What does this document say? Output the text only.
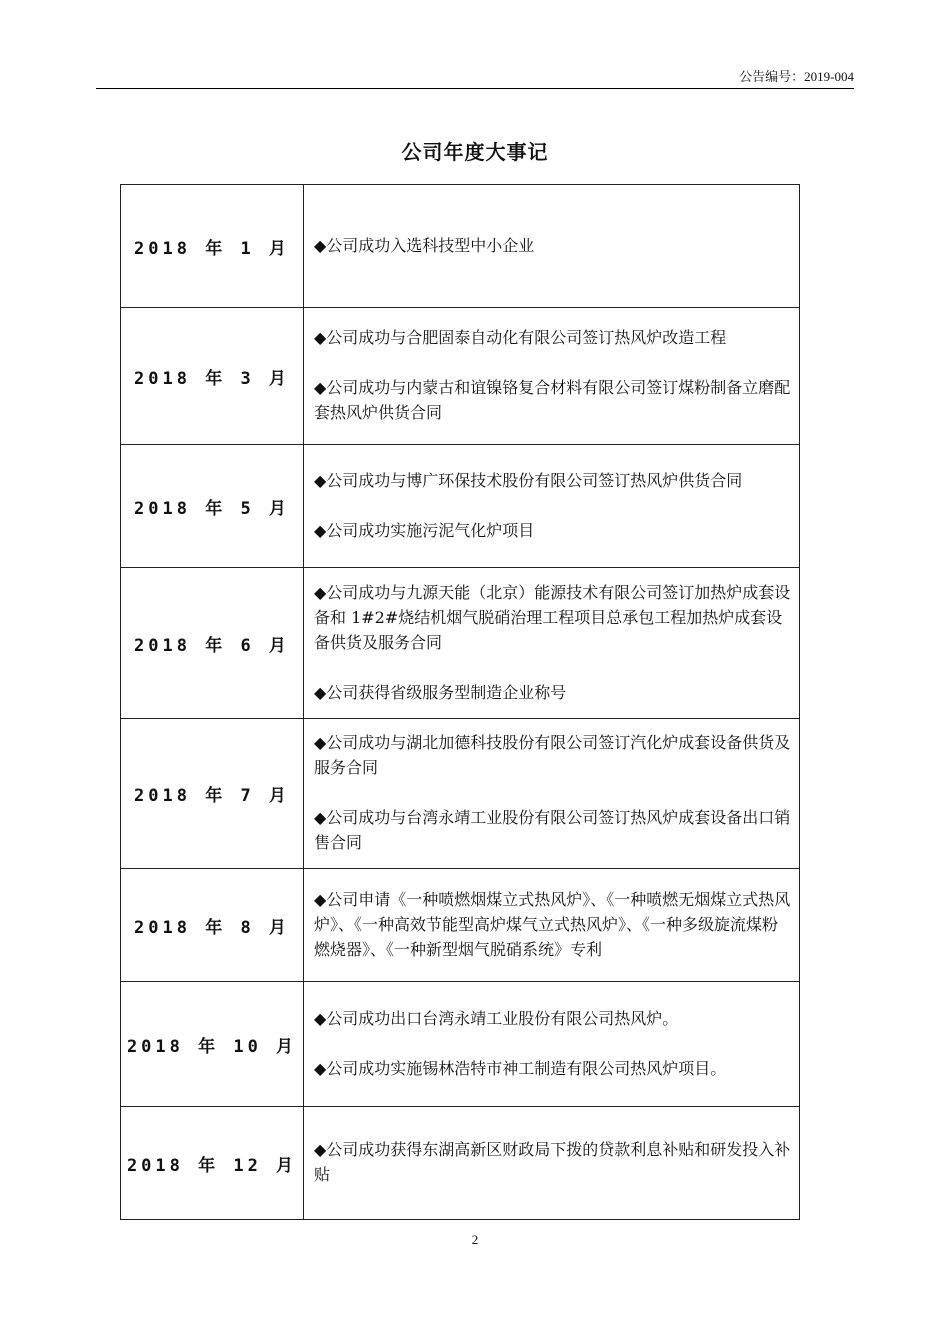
公告编号：2019-004
公司年度大事记
2018 年 1 月	◆公司成功入选科技型中小企业

2018 年 3 月	◆公司成功与合肥固泰自动化有限公司签订热风炉改造工程
◆公司成功与内蒙古和谊镍铬复合材料有限公司签订煤粉制备立磨配套热风炉供货合同

2018 年 5 月	◆公司成功与博广环保技术股份有限公司签订热风炉供货合同
◆公司成功实施污泥气化炉项目

2018 年 6 月	◆公司成功与九源天能（北京）能源技术有限公司签订加热炉成套设备和 1#2#烧结机烟气脱硝治理工程项目总承包工程加热炉成套设备供货及服务合同
◆公司获得省级服务型制造企业称号

2018 年 7 月	◆公司成功与湖北加德科技股份有限公司签订汽化炉成套设备供货及服务合同
◆公司成功与台湾永靖工业股份有限公司签订热风炉成套设备出口销售合同

2018 年 8 月	◆公司申请《一种喷燃烟煤立式热风炉》、《一种喷燃无烟煤立式热风炉》、《一种高效节能型高炉煤气立式热风炉》、《一种多级旋流煤粉燃烧器》、《一种新型烟气脱硝系统》专利

2018 年 10 月	◆公司成功出口台湾永靖工业股份有限公司热风炉。
◆公司成功实施锡林浩特市神工制造有限公司热风炉项目。

2018 年 12 月	◆公司成功获得东湖高新区财政局下拨的贷款利息补贴和研发投入补贴
2
